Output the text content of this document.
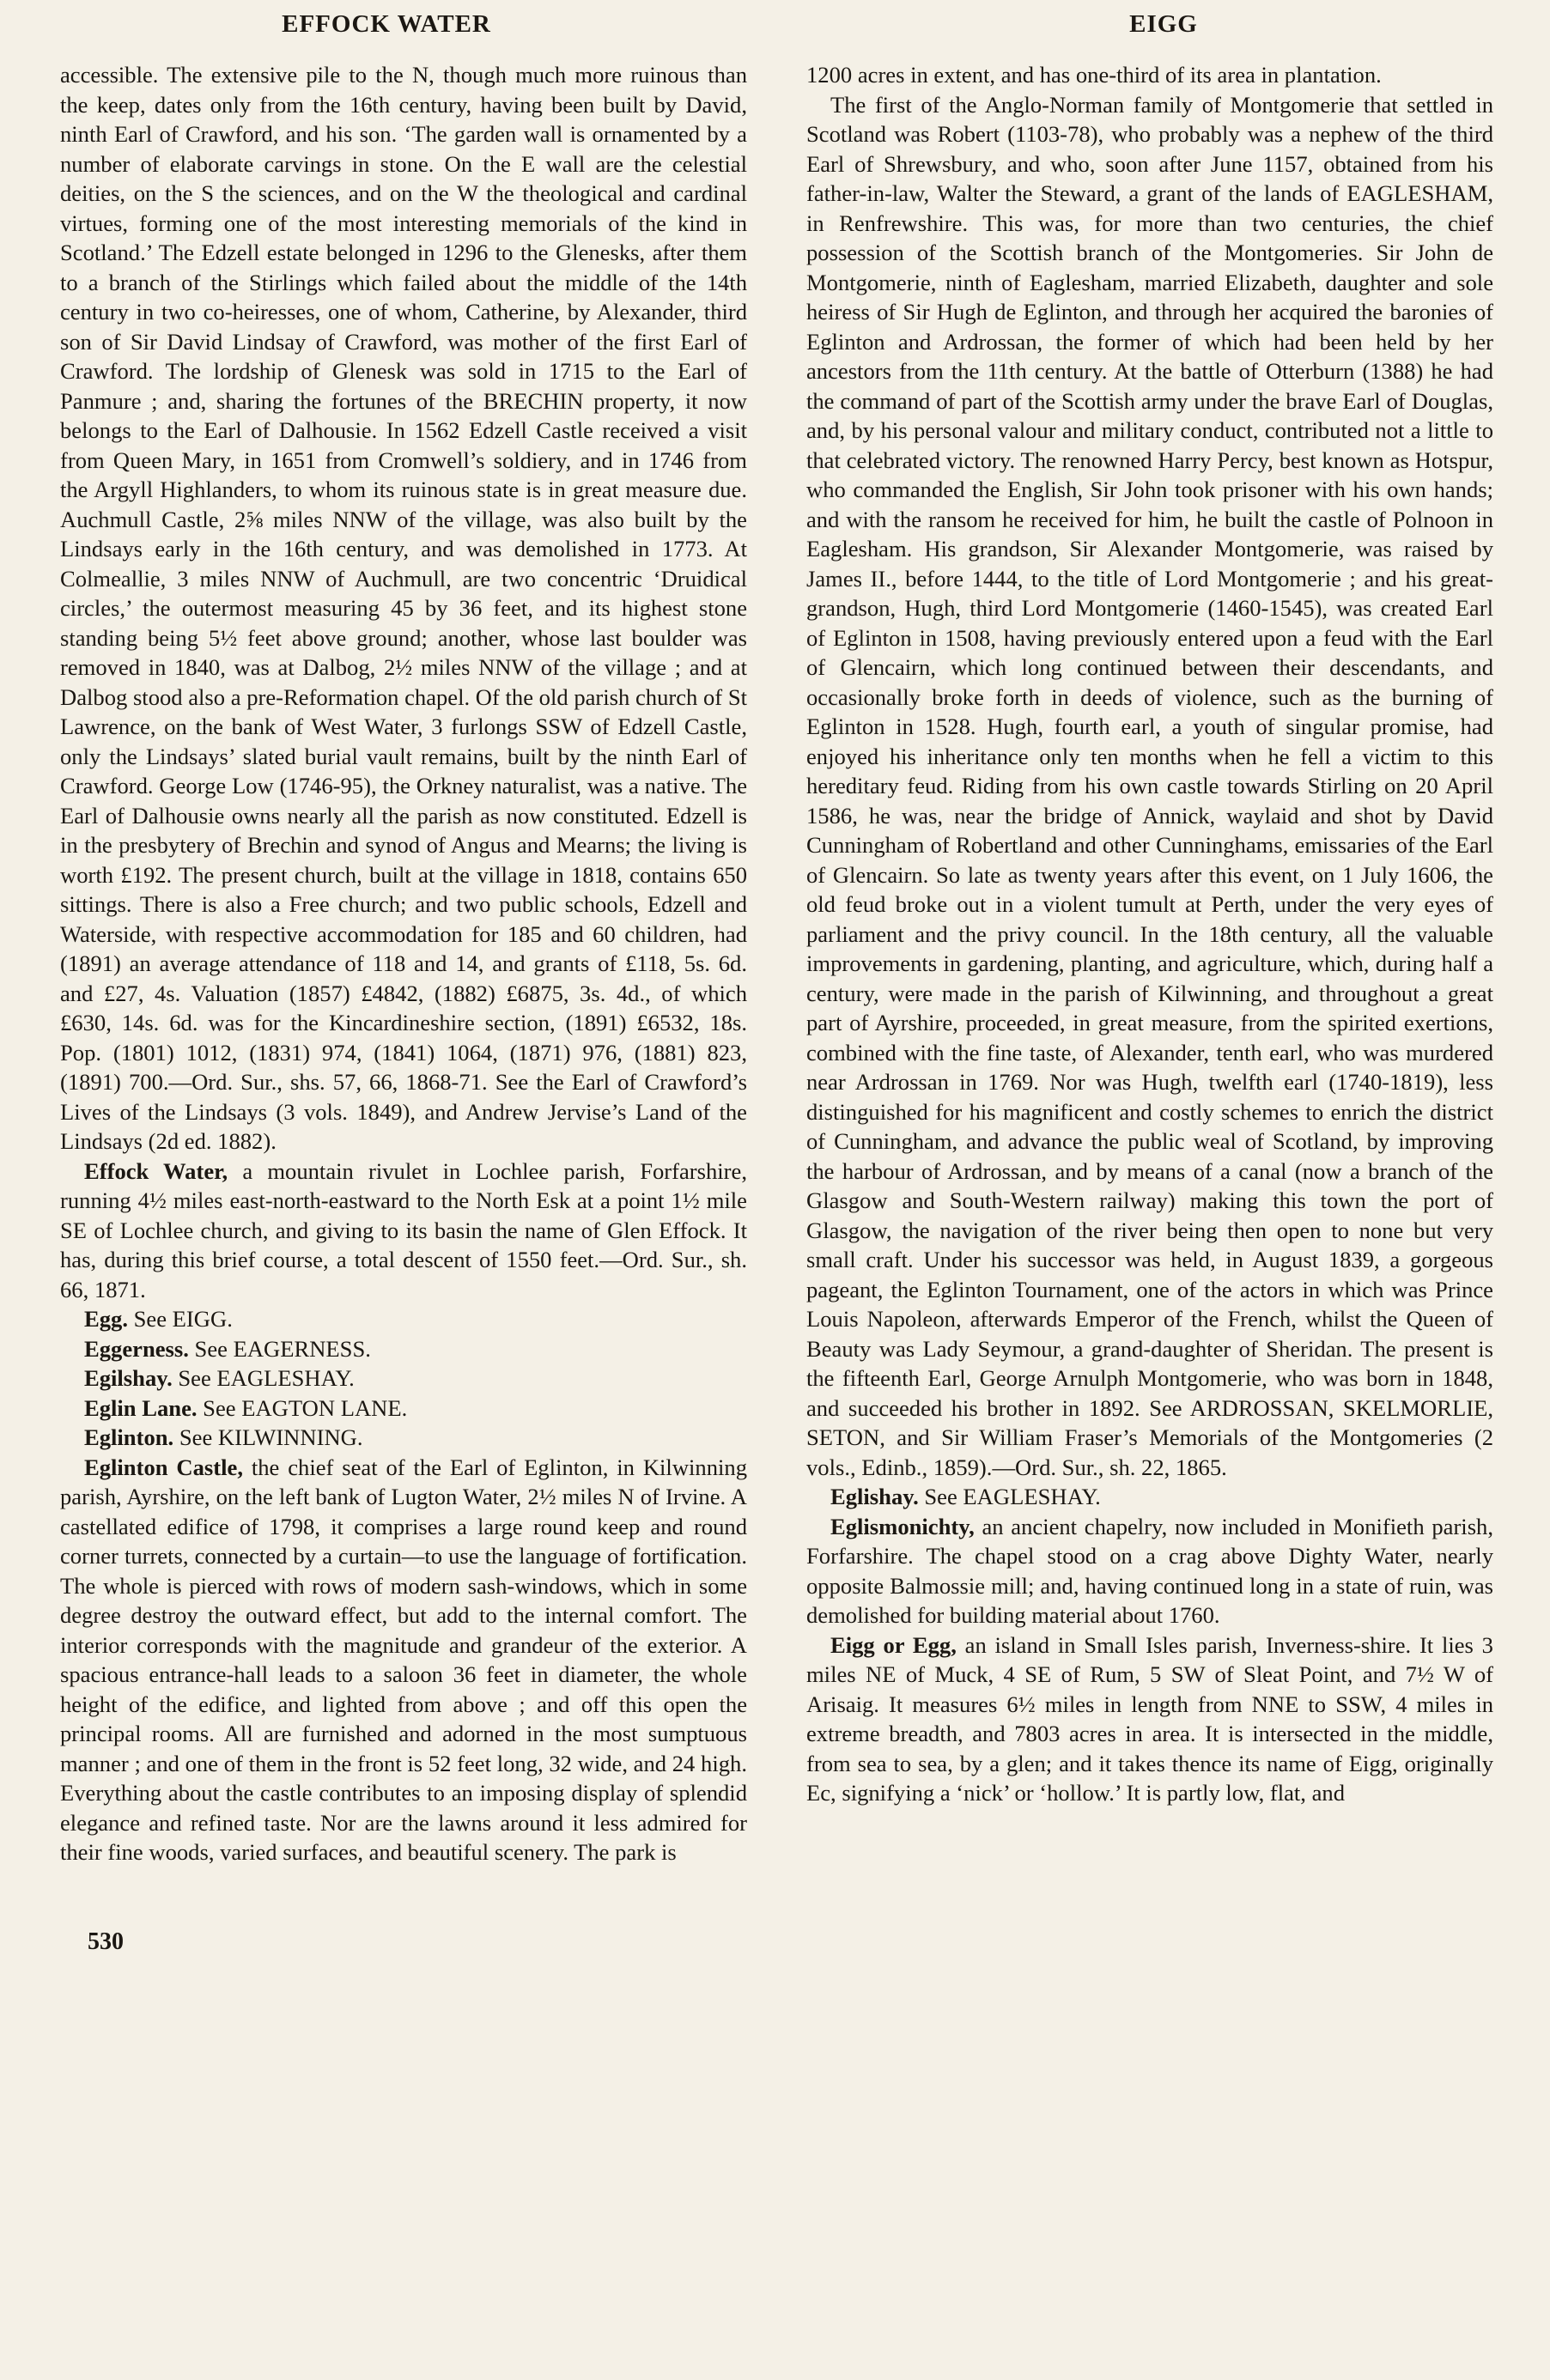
EFFOCK WATER	EIGG

accessible. The extensive pile to the N, though much more ruinous than the keep, dates only from the 16th century, having been built by David, ninth Earl of Crawford, and his son. ‘The garden wall is ornamented by a number of elaborate carvings in stone. On the E wall are the celestial deities, on the S the sciences, and on the W the theological and cardinal virtues, forming one of the most interesting memorials of the kind in Scotland.’ The Edzell estate belonged in 1296 to the Glenesks, after them to a branch of the Stirlings which failed about the middle of the 14th century in two co-heiresses, one of whom, Catherine, by Alexander, third son of Sir David Lindsay of Crawford, was mother of the first Earl of Crawford. The lordship of Glenesk was sold in 1715 to the Earl of Panmure ; and, sharing the fortunes of the BRECHIN property, it now belongs to the Earl of Dalhousie. In 1562 Edzell Castle received a visit from Queen Mary, in 1651 from Cromwell’s soldiery, and in 1746 from the Argyll Highlanders, to whom its ruinous state is in great measure due. Auchmull Castle, 2⅝ miles NNW of the village, was also built by the Lindsays early in the 16th century, and was demolished in 1773. At Colmeallie, 3 miles NNW of Auchmull, are two concentric ‘Druidical circles,’ the outermost measuring 45 by 36 feet, and its highest stone standing being 5½ feet above ground; another, whose last boulder was removed in 1840, was at Dalbog, 2½ miles NNW of the village ; and at Dalbog stood also a pre-Reformation chapel. Of the old parish church of St Lawrence, on the bank of West Water, 3 furlongs SSW of Edzell Castle, only the Lindsays’ slated burial vault remains, built by the ninth Earl of Crawford. George Low (1746-95), the Orkney naturalist, was a native. The Earl of Dalhousie owns nearly all the parish as now constituted. Edzell is in the presbytery of Brechin and synod of Angus and Mearns; the living is worth £192. The present church, built at the village in 1818, contains 650 sittings. There is also a Free church; and two public schools, Edzell and Waterside, with respective accommodation for 185 and 60 children, had (1891) an average attendance of 118 and 14, and grants of £118, 5s. 6d. and £27, 4s. Valuation (1857) £4842, (1882) £6875, 3s. 4d., of which £630, 14s. 6d. was for the Kincardineshire section, (1891) £6532, 18s. Pop. (1801) 1012, (1831) 974, (1841) 1064, (1871) 976, (1881) 823, (1891) 700.—Ord. Sur., shs. 57, 66, 1868-71. See the Earl of Crawford’s Lives of the Lindsays (3 vols. 1849), and Andrew Jervise’s Land of the Lindsays (2d ed. 1882).

Effock Water, a mountain rivulet in Lochlee parish, Forfarshire, running 4½ miles east-north-eastward to the North Esk at a point 1½ mile SE of Lochlee church, and giving to its basin the name of Glen Effock. It has, during this brief course, a total descent of 1550 feet.—Ord. Sur., sh. 66, 1871.

Egg. See EIGG.

Eggerness. See EAGERNESS.

Egilshay. See EAGLESHAY.

Eglin Lane. See EAGTON LANE.

Eglinton. See KILWINNING.

Eglinton Castle, the chief seat of the Earl of Eglinton, in Kilwinning parish, Ayrshire, on the left bank of Lugton Water, 2½ miles N of Irvine. A castellated edifice of 1798, it comprises a large round keep and round corner turrets, connected by a curtain—to use the language of fortification. The whole is pierced with rows of modern sash-windows, which in some degree destroy the outward effect, but add to the internal comfort. The interior corresponds with the magnitude and grandeur of the exterior. A spacious entrance-hall leads to a saloon 36 feet in diameter, the whole height of the edifice, and lighted from above ; and off this open the principal rooms. All are furnished and adorned in the most sumptuous manner ; and one of them in the front is 52 feet long, 32 wide, and 24 high. Everything about the castle contributes to an imposing display of splendid elegance and refined taste. Nor are the lawns around it less admired for their fine woods, varied surfaces, and beautiful scenery. The park is

1200 acres in extent, and has one-third of its area in plantation.

The first of the Anglo-Norman family of Montgomerie that settled in Scotland was Robert (1103-78), who probably was a nephew of the third Earl of Shrewsbury, and who, soon after June 1157, obtained from his father-in-law, Walter the Steward, a grant of the lands of EAGLESHAM, in Renfrewshire. This was, for more than two centuries, the chief possession of the Scottish branch of the Montgomeries. Sir John de Montgomerie, ninth of Eaglesham, married Elizabeth, daughter and sole heiress of Sir Hugh de Eglinton, and through her acquired the baronies of Eglinton and Ardrossan, the former of which had been held by her ancestors from the 11th century. At the battle of Otterburn (1388) he had the command of part of the Scottish army under the brave Earl of Douglas, and, by his personal valour and military conduct, contributed not a little to that celebrated victory. The renowned Harry Percy, best known as Hotspur, who commanded the English, Sir John took prisoner with his own hands; and with the ransom he received for him, he built the castle of Polnoon in Eaglesham. His grandson, Sir Alexander Montgomerie, was raised by James II., before 1444, to the title of Lord Montgomerie ; and his great-grandson, Hugh, third Lord Montgomerie (1460-1545), was created Earl of Eglinton in 1508, having previously entered upon a feud with the Earl of Glencairn, which long continued between their descendants, and occasionally broke forth in deeds of violence, such as the burning of Eglinton in 1528. Hugh, fourth earl, a youth of singular promise, had enjoyed his inheritance only ten months when he fell a victim to this hereditary feud. Riding from his own castle towards Stirling on 20 April 1586, he was, near the bridge of Annick, waylaid and shot by David Cunningham of Robertland and other Cunninghams, emissaries of the Earl of Glencairn. So late as twenty years after this event, on 1 July 1606, the old feud broke out in a violent tumult at Perth, under the very eyes of parliament and the privy council. In the 18th century, all the valuable improvements in gardening, planting, and agriculture, which, during half a century, were made in the parish of Kilwinning, and throughout a great part of Ayrshire, proceeded, in great measure, from the spirited exertions, combined with the fine taste, of Alexander, tenth earl, who was murdered near Ardrossan in 1769. Nor was Hugh, twelfth earl (1740-1819), less distinguished for his magnificent and costly schemes to enrich the district of Cunningham, and advance the public weal of Scotland, by improving the harbour of Ardrossan, and by means of a canal (now a branch of the Glasgow and South-Western railway) making this town the port of Glasgow, the navigation of the river being then open to none but very small craft. Under his successor was held, in August 1839, a gorgeous pageant, the Eglinton Tournament, one of the actors in which was Prince Louis Napoleon, afterwards Emperor of the French, whilst the Queen of Beauty was Lady Seymour, a grand-daughter of Sheridan. The present is the fifteenth Earl, George Arnulph Montgomerie, who was born in 1848, and succeeded his brother in 1892. See ARDROSSAN, SKELMORLIE, SETON, and Sir William Fraser’s Memorials of the Montgomeries (2 vols., Edinb., 1859).—Ord. Sur., sh. 22, 1865.

Eglishay. See EAGLESHAY.

Eglismonichty, an ancient chapelry, now included in Monifieth parish, Forfarshire. The chapel stood on a crag above Dighty Water, nearly opposite Balmossie mill; and, having continued long in a state of ruin, was demolished for building material about 1760.

Eigg or Egg, an island in Small Isles parish, Inverness-shire. It lies 3 miles NE of Muck, 4 SE of Rum, 5 SW of Sleat Point, and 7½ W of Arisaig. It measures 6½ miles in length from NNE to SSW, 4 miles in extreme breadth, and 7803 acres in area. It is intersected in the middle, from sea to sea, by a glen; and it takes thence its name of Eigg, originally Ec, signifying a ‘nick’ or ‘hollow.’ It is partly low, flat, and

530
